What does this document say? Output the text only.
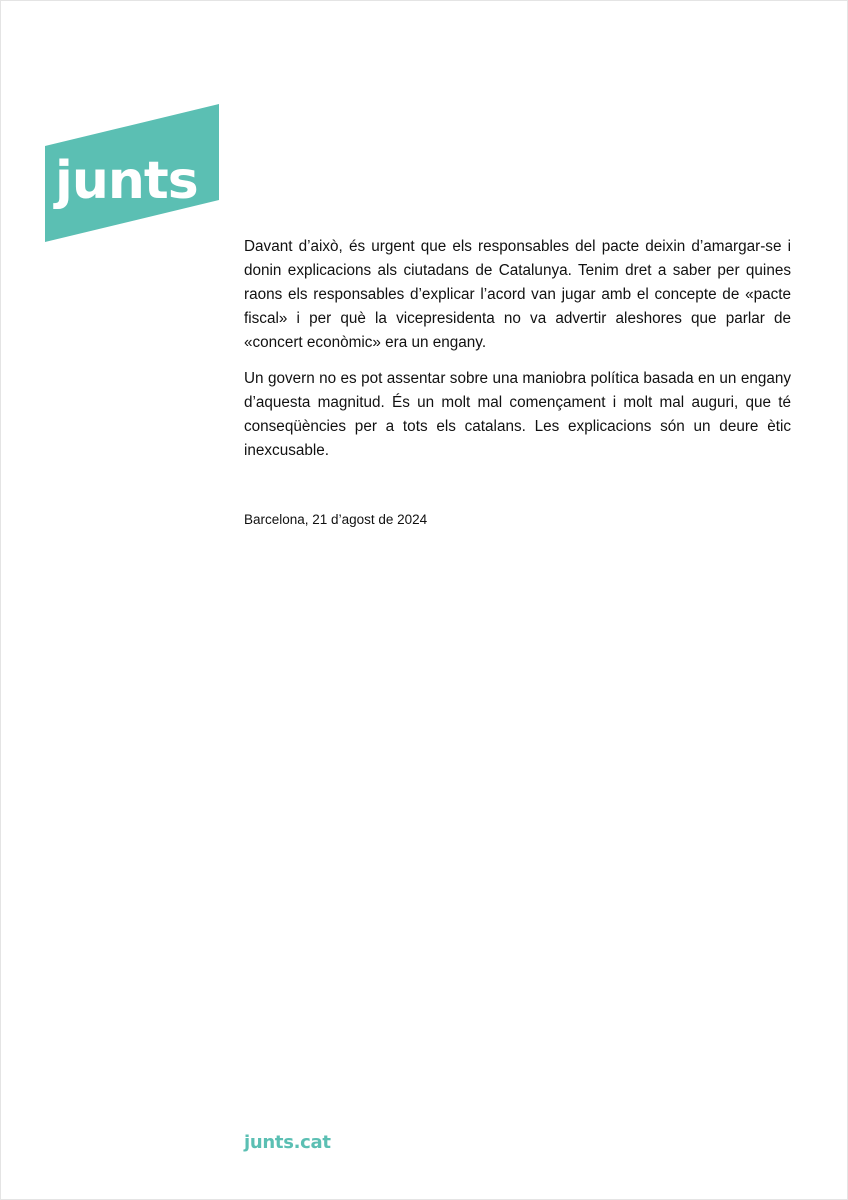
junts

Davant d’això, és urgent que els responsables del pacte deixin d’amargar-se i donin explicacions als ciutadans de Catalunya. Tenim dret a saber per quines raons els responsables d’explicar l’acord van jugar amb el concepte de «pacte fiscal» i per què la vicepresidenta no va advertir aleshores que parlar de «concert econòmic» era un engany.

Un govern no es pot assentar sobre una maniobra política basada en un engany d’aquesta magnitud. És un molt mal començament i molt mal auguri, que té conseqüències per a tots els catalans. Les explicacions són un deure ètic inexcusable.

Barcelona, 21 d’agost de 2024
junts.cat
